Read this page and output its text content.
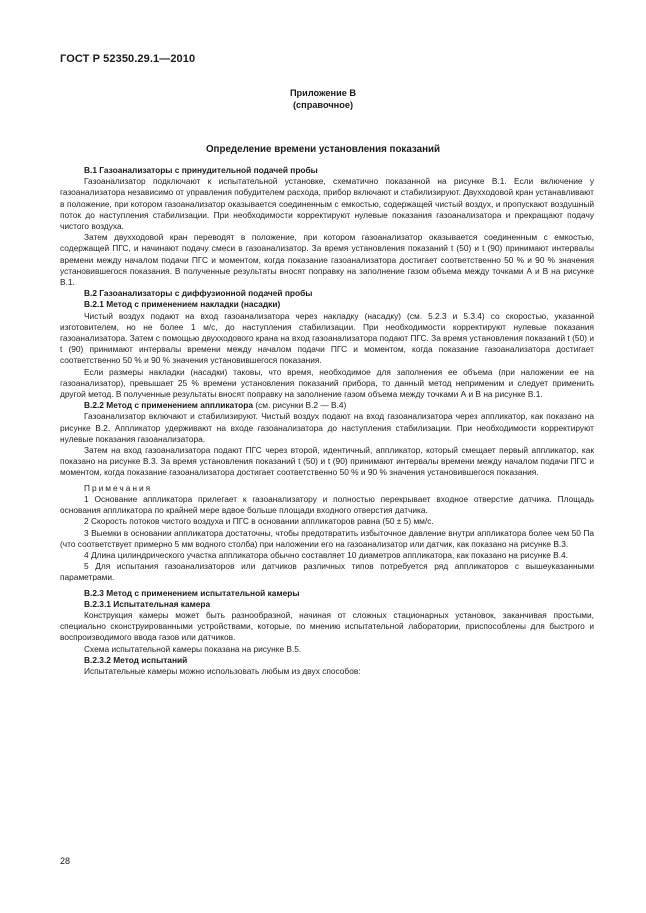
ГОСТ Р 52350.29.1—2010
Приложение В
(справочное)
Определение времени установления показаний

В.1 Газоанализаторы с принудительной подачей пробы

Газоанализатор подключают к испытательной установке, схематично показанной на рисунке В.1. Если включение у газоанализатора независимо от управления побудителем расхода, прибор включают и стабилизируют. Двухходовой кран устанавливают в положение, при котором газоанализатор оказывается соединенным с емкостью, содержащей чистый воздух, и пропускают воздушный поток до наступления стабилизации. При необходимости корректируют нулевые показания газоанализатора и прекращают подачу чистого воздуха.

Затем двухходовой кран переводят в положение, при котором газоанализатор оказывается соединенным с емкостью, содержащей ПГС, и начинают подачу смеси в газоанализатор. За время установления показаний t (50) и t (90) принимают интервалы времени между началом подачи ПГС и моментом, когда показание газоанализатора достигает соответственно 50 % и 90 % значения установившегося показания. В полученные результаты вносят поправку на заполнение газом объема между точками А и В на рисунке В.1.

В.2 Газоанализаторы с диффузионной подачей пробы

В.2.1 Метод с применением накладки (насадки)

Чистый воздух подают на вход газоанализатора через накладку (насадку) (см. 5.2.3 и 5.3.4) со скоростью, указанной изготовителем, но не более 1 м/с, до наступления стабилизации. При необходимости корректируют нулевые показания газоанализатора. Затем с помощью двухходового крана на вход газоанализатора подают ПГС. За время установления показаний t (50) и t (90) принимают интервалы времени между началом подачи ПГС и моментом, когда показание газоанализатора достигает соответственно 50 % и 90 % значения установившегося показания.

Если размеры накладки (насадки) таковы, что время, необходимое для заполнения ее объема (при наложении ее на газоанализатор), превышает 25 % времени установления показаний прибора, то данный метод неприменим и следует применить другой метод. В полученные результаты вносят поправку на заполнение газом объема между точками А и В на рисунке В.1.

В.2.2 Метод с применением аппликатора (см. рисунки В.2 — В.4)

Газоанализатор включают и стабилизируют. Чистый воздух подают на вход газоанализатора через аппликатор, как показано на рисунке В.2. Аппликатор удерживают на входе газоанализатора до наступления стабилизации. При необходимости корректируют нулевые показания газоанализатора.

Затем на вход газоанализатора подают ПГС через второй, идентичный, аппликатор, который смещает первый аппликатор, как показано на рисунке В.3. За время установления показаний t (50) и t (90) принимают интервалы времени между началом подачи ПГС и моментом, когда показание газоанализатора достигает соответственно 50 % и 90 % значения установившегося показания.

Примечания

1 Основание аппликатора прилегает к газоанализатору и полностью перекрывает входное отверстие датчика. Площадь основания аппликатора по крайней мере вдвое больше площади входного отверстия датчика.

2 Скорость потоков чистого воздуха и ПГС в основании аппликаторов равна (50 ± 5) мм/с.

3 Выемки в основании аппликатора достаточны, чтобы предотвратить избыточное давление внутри аппликатора более чем 50 Па (что соответствует примерно 5 мм водного столба) при наложении его на газоанализатор или датчик, как показано на рисунке В.3.

4 Длина цилиндрического участка аппликатора обычно составляет 10 диаметров аппликатора, как показано на рисунке В.4.

5 Для испытания газоанализаторов или датчиков различных типов потребуется ряд аппликаторов с вышеуказанными параметрами.

В.2.3 Метод с применением испытательной камеры

В.2.3.1 Испытательная камера

Конструкция камеры может быть разнообразной, начиная от сложных стационарных установок, заканчивая простыми, специально сконструированными устройствами, которые, по мнению испытательной лаборатории, приспособлены для быстрого и воспроизводимого ввода газов или датчиков.

Схема испытательной камеры показана на рисунке В.5.

В.2.3.2 Метод испытаний

Испытательные камеры можно использовать любым из двух способов:

28
